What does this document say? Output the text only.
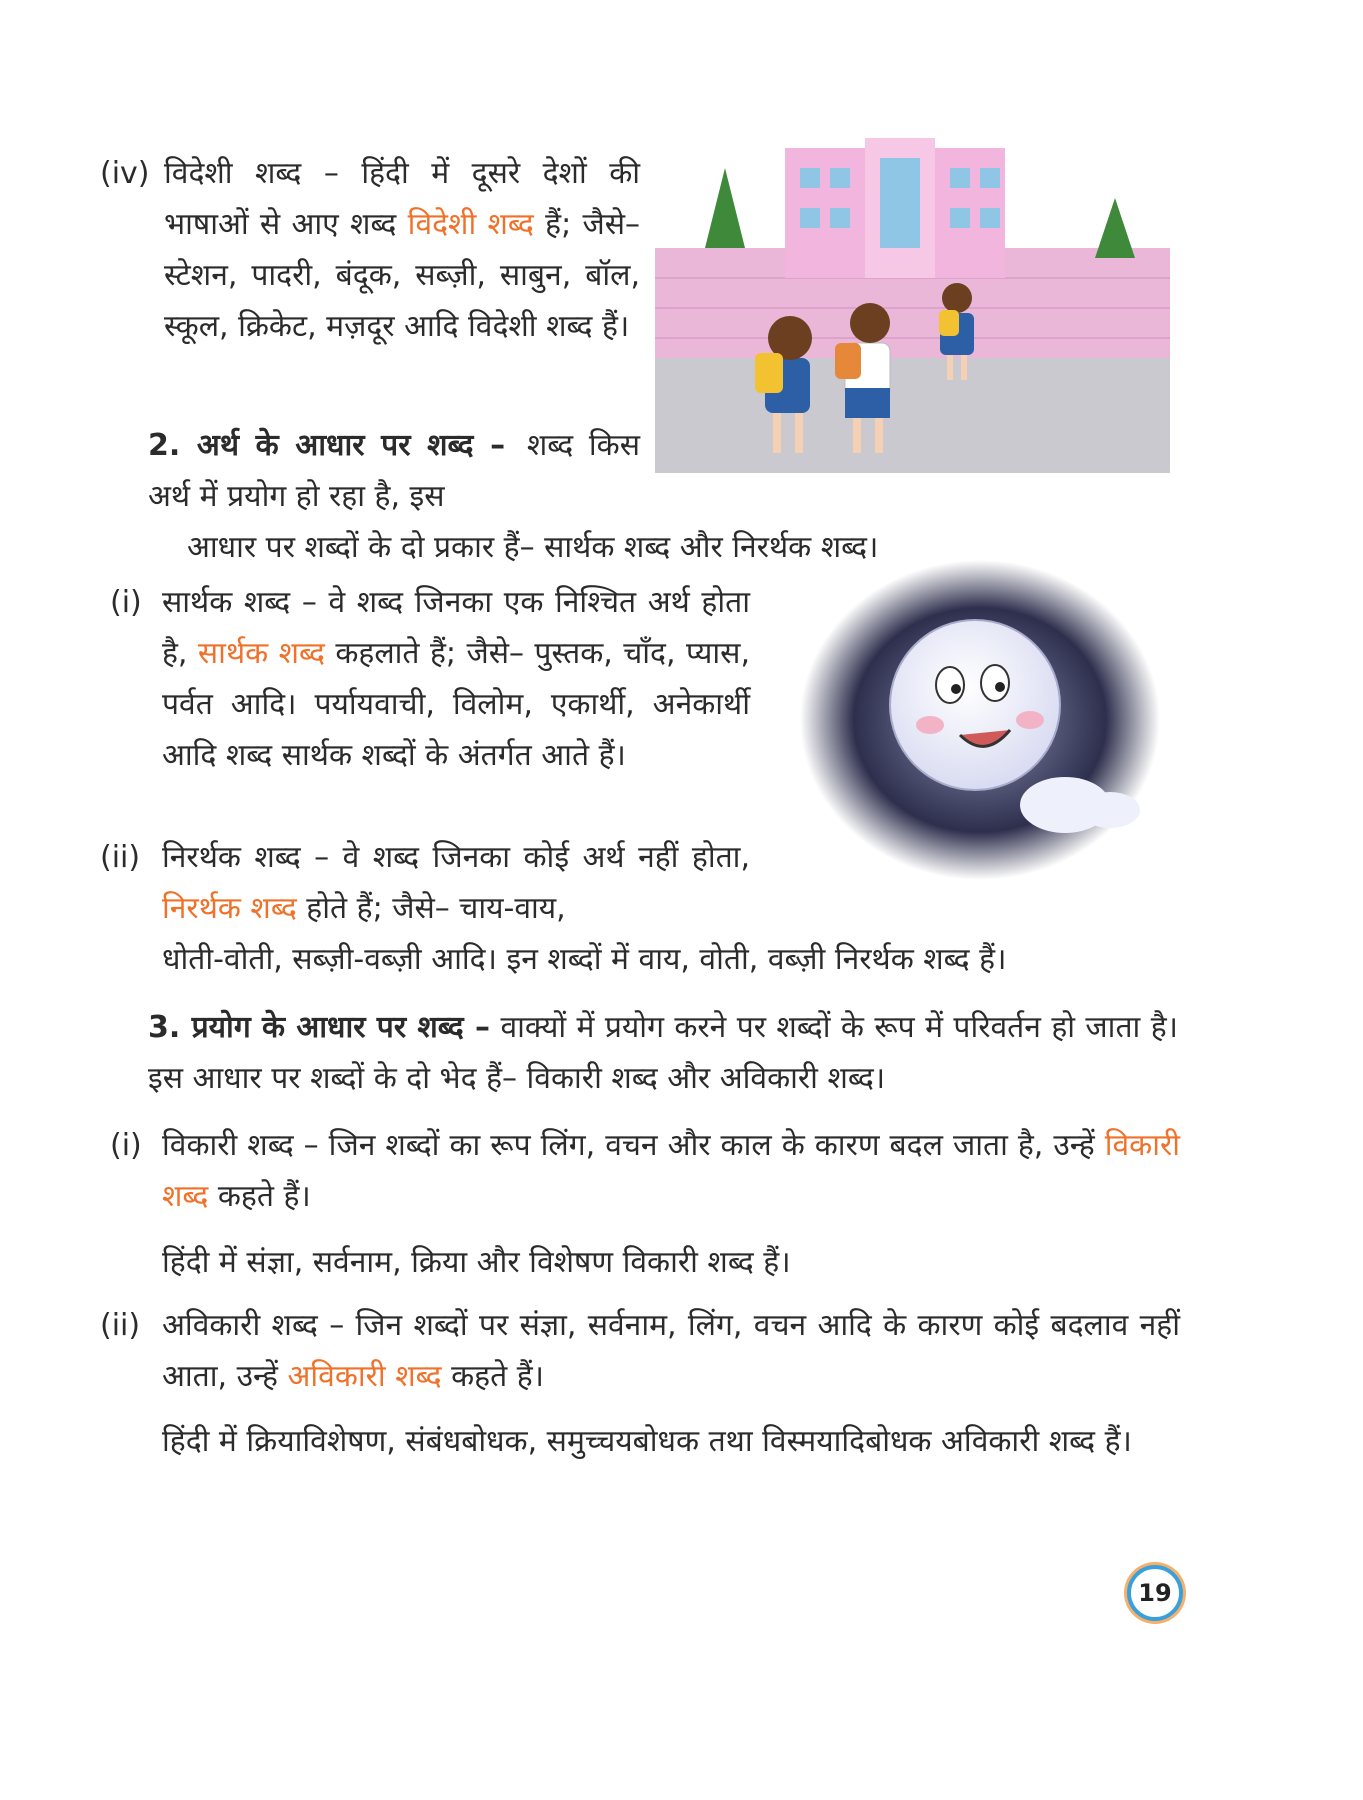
(iv) विदेशी शब्द – हिंदी में दूसरे देशों की भाषाओं से आए शब्द विदेशी शब्द हैं; जैसे– स्टेशन, पादरी, बंदूक, सब्ज़ी, साबुन, बॉल, स्कूल, क्रिकेट, मज़दूर आदि विदेशी शब्द हैं।
2. अर्थ के आधार पर शब्द – शब्द किस अर्थ में प्रयोग हो रहा है, इस
आधार पर शब्दों के दो प्रकार हैं– सार्थक शब्द और निरर्थक शब्द।
(i) सार्थक शब्द – वे शब्द जिनका एक निश्चित अर्थ होता है, सार्थक शब्द कहलाते हैं; जैसे– पुस्तक, चाँद, प्यास, पर्वत आदि। पर्यायवाची, विलोम, एकार्थी, अनेकार्थी आदि शब्द सार्थक शब्दों के अंतर्गत आते हैं।
(ii) निरर्थक शब्द – वे शब्द जिनका कोई अर्थ नहीं होता, निरर्थक शब्द होते हैं; जैसे– चाय-वाय,
धोती-वोती, सब्ज़ी-वब्ज़ी आदि। इन शब्दों में वाय, वोती, वब्ज़ी निरर्थक शब्द हैं।
3. प्रयोग के आधार पर शब्द – वाक्यों में प्रयोग करने पर शब्दों के रूप में परिवर्तन हो जाता है। इस आधार पर शब्दों के दो भेद हैं– विकारी शब्द और अविकारी शब्द।
(i) विकारी शब्द – जिन शब्दों का रूप लिंग, वचन और काल के कारण बदल जाता है, उन्हें विकारी शब्द कहते हैं।
हिंदी में संज्ञा, सर्वनाम, क्रिया और विशेषण विकारी शब्द हैं।
(ii) अविकारी शब्द – जिन शब्दों पर संज्ञा, सर्वनाम, लिंग, वचन आदि के कारण कोई बदलाव नहीं आता, उन्हें अविकारी शब्द कहते हैं।
हिंदी में क्रियाविशेषण, संबंधबोधक, समुच्चयबोधक तथा विस्मयादिबोधक अविकारी शब्द हैं।
19
